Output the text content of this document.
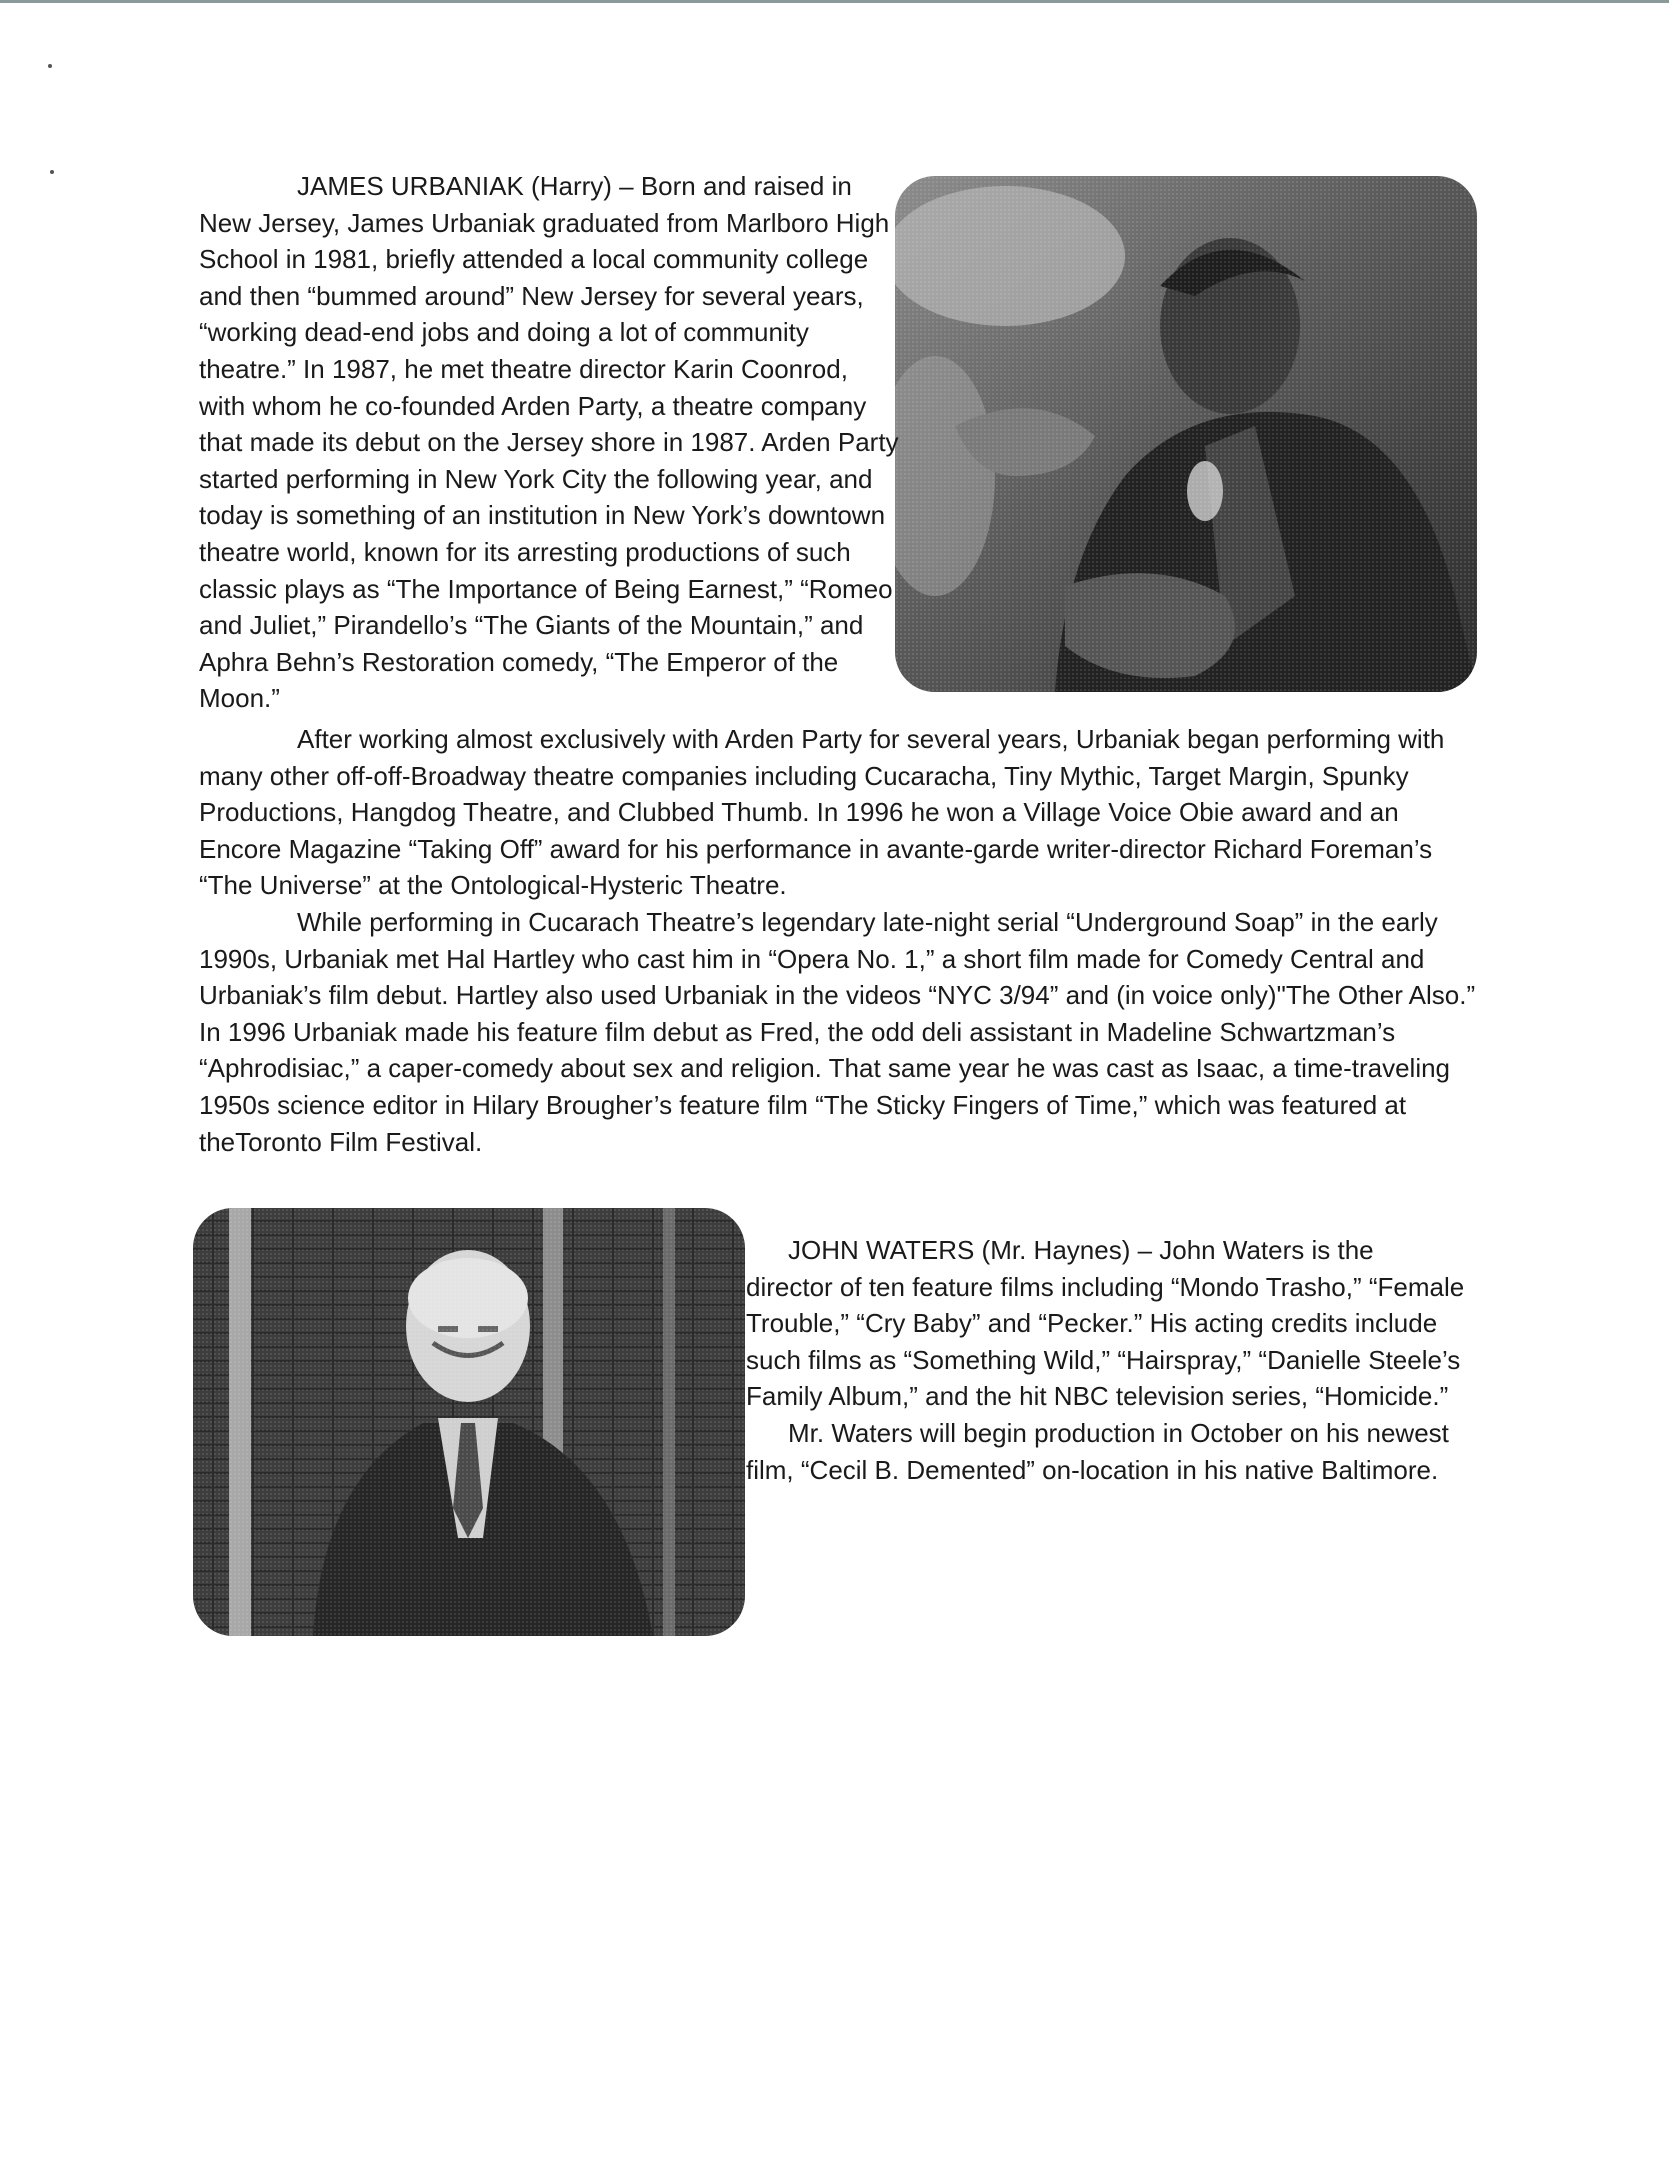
JAMES URBANIAK (Harry) – Born and raised in New Jersey, James Urbaniak graduated from Marlboro High School in 1981, briefly attended a local community college and then “bummed around” New Jersey for several years, “working dead-end jobs and doing a lot of community theatre.” In 1987, he met theatre director Karin Coonrod, with whom he co-founded Arden Party, a theatre company that made its debut on the Jersey shore in 1987. Arden Party started performing in New York City the following year, and today is something of an institution in New York’s downtown theatre world, known for its arresting productions of such classic plays as “The Importance of Being Earnest,” “Romeo and Juliet,” Pirandello’s “The Giants of the Mountain,” and Aphra Behn’s Restoration comedy, “The Emperor of the Moon.”

After working almost exclusively with Arden Party for several years, Urbaniak began performing with many other off-off-Broadway theatre companies including Cucaracha, Tiny Mythic, Target Margin, Spunky Productions, Hangdog Theatre, and Clubbed Thumb. In 1996 he won a Village Voice Obie award and an Encore Magazine “Taking Off” award for his performance in avante-garde writer-director Richard Foreman’s “The Universe” at the Ontological-Hysteric Theatre.

While performing in Cucarach Theatre’s legendary late-night serial “Underground Soap” in the early 1990s, Urbaniak met Hal Hartley who cast him in “Opera No. 1,” a short film made for Comedy Central and Urbaniak’s film debut. Hartley also used Urbaniak in the videos “NYC 3/94” and (in voice only)"The Other Also.” In 1996 Urbaniak made his feature film debut as Fred, the odd deli assistant in Madeline Schwartzman’s “Aphrodisiac,” a caper-comedy about sex and religion. That same year he was cast as Isaac, a time-traveling 1950s science editor in Hilary Brougher’s feature film “The Sticky Fingers of Time,” which was featured at theToronto Film Festival.

JOHN WATERS (Mr. Haynes) – John Waters is the director of ten feature films including “Mondo Trasho,” “Female Trouble,” “Cry Baby” and “Pecker.” His acting credits include such films as “Something Wild,” “Hairspray,” “Danielle Steele’s Family Album,” and the hit NBC television series, “Homicide.”

Mr. Waters will begin production in October on his newest film, “Cecil B. Demented” on-location in his native Baltimore.
